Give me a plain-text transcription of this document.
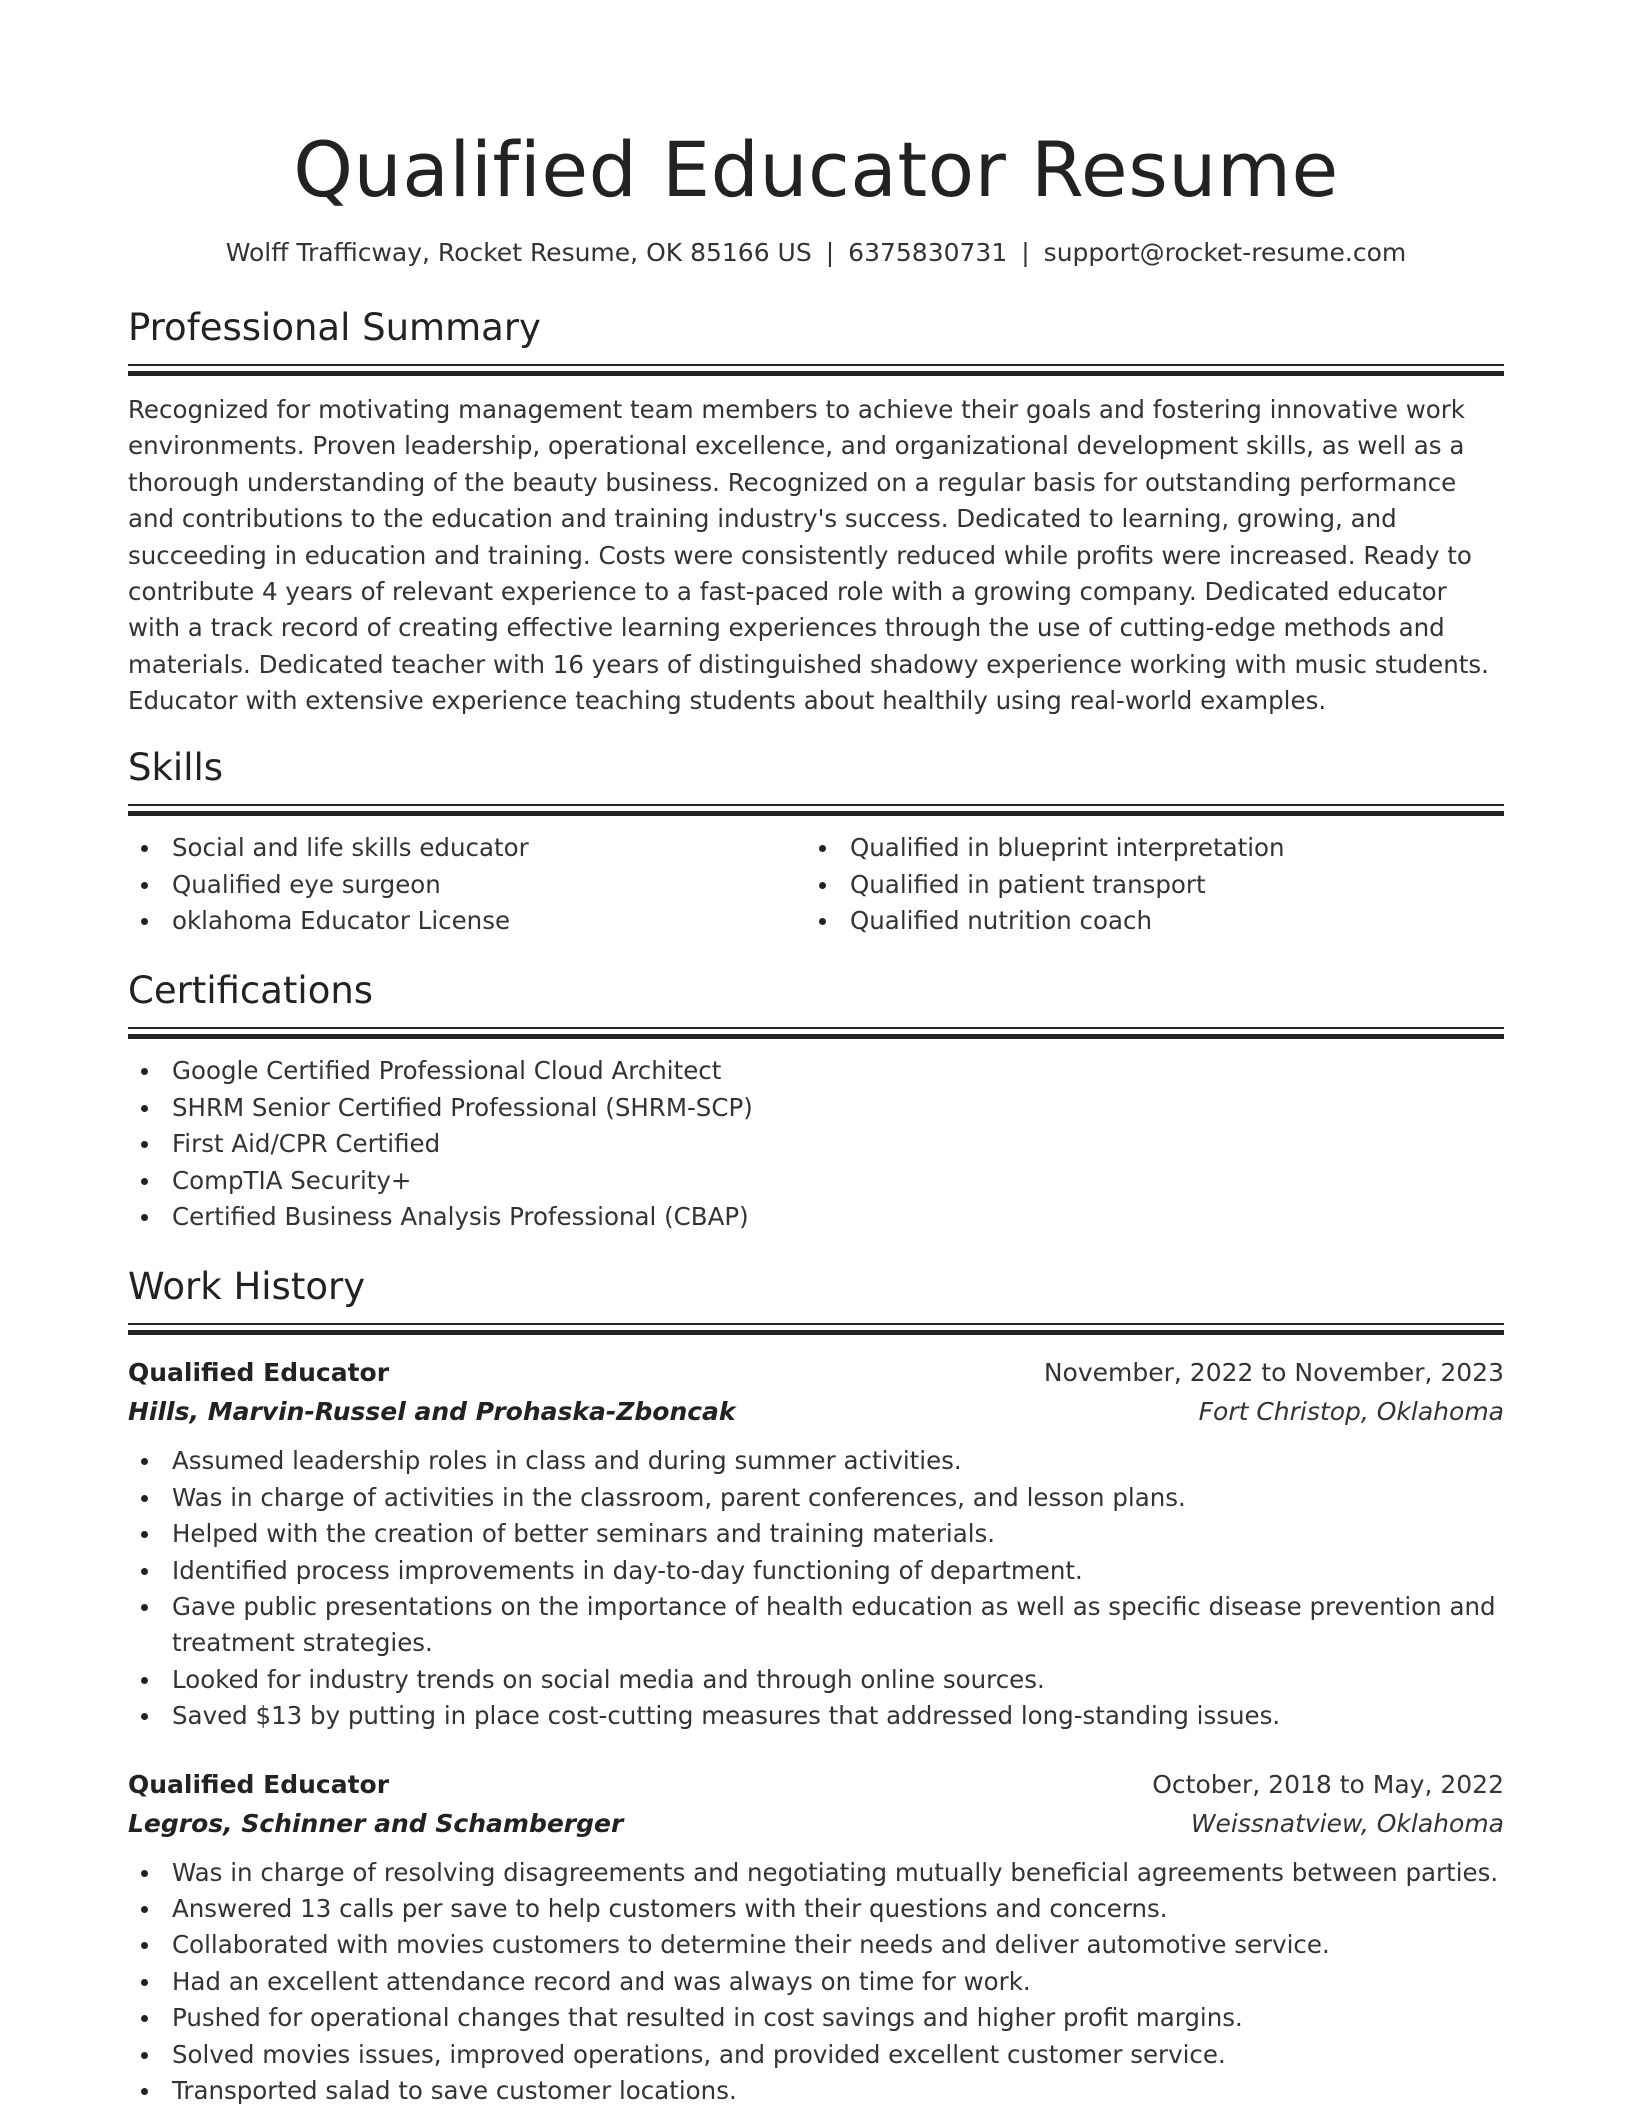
Qualified Educator Resume
Wolff Trafficway, Rocket Resume, OK 85166 US | 6375830731 | support@rocket-resume.com
Professional Summary

Recognized for motivating management team members to achieve their goals and fostering innovative work environments. Proven leadership, operational excellence, and organizational development skills, as well as a thorough understanding of the beauty business. Recognized on a regular basis for outstanding performance and contributions to the education and training industry's success. Dedicated to learning, growing, and succeeding in education and training. Costs were consistently reduced while profits were increased. Ready to contribute 4 years of relevant experience to a fast-paced role with a growing company. Dedicated educator with a track record of creating effective learning experiences through the use of cutting-edge methods and materials. Dedicated teacher with 16 years of distinguished shadowy experience working with music students. Educator with extensive experience teaching students about healthily using real-world examples.

Skills
Social and life skills educator
Qualified eye surgeon
oklahoma Educator License
Qualified in blueprint interpretation
Qualified in patient transport
Qualified nutrition coach
Certifications
Google Certified Professional Cloud Architect
SHRM Senior Certified Professional (SHRM-SCP)
First Aid/CPR Certified
CompTIA Security+
Certified Business Analysis Professional (CBAP)
Work History
Qualified Educator	November, 2022 to November, 2023
Hills, Marvin-Russel and Prohaska-Zboncak	Fort Christop, Oklahoma
Assumed leadership roles in class and during summer activities.
Was in charge of activities in the classroom, parent conferences, and lesson plans.
Helped with the creation of better seminars and training materials.
Identified process improvements in day-to-day functioning of department.
Gave public presentations on the importance of health education as well as specific disease prevention and treatment strategies.
Looked for industry trends on social media and through online sources.
Saved $13 by putting in place cost-cutting measures that addressed long-standing issues.
Qualified Educator	October, 2018 to May, 2022
Legros, Schinner and Schamberger	Weissnatview, Oklahoma
Was in charge of resolving disagreements and negotiating mutually beneficial agreements between parties.
Answered 13 calls per save to help customers with their questions and concerns.
Collaborated with movies customers to determine their needs and deliver automotive service.
Had an excellent attendance record and was always on time for work.
Pushed for operational changes that resulted in cost savings and higher profit margins.
Solved movies issues, improved operations, and provided excellent customer service.
Transported salad to save customer locations.
